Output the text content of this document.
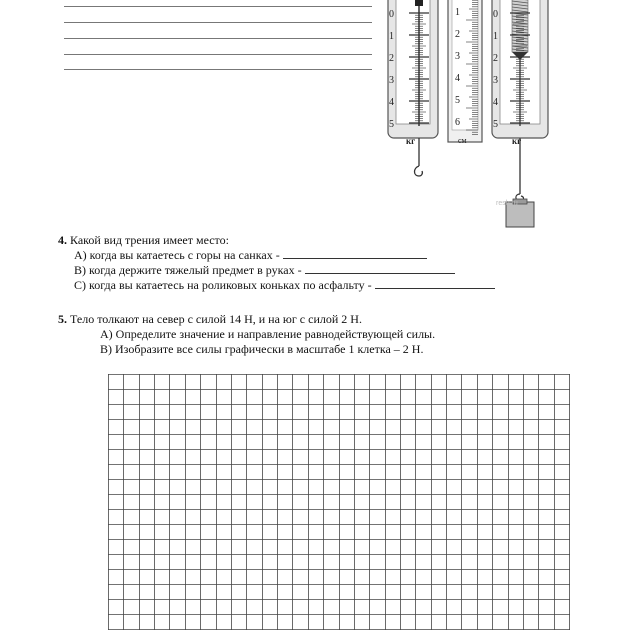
0
1
2
3
4
5
кг
1
2
3
4
5
6
см
0
1
2
3
4
5
кг
resh.ru
4. Какой вид трения имеет место:
А) когда вы катаетесь с горы на санках -
В) когда держите тяжелый предмет в руках -
С) когда вы катаетесь на роликовых коньках по асфальту -
5. Тело толкают на север с силой 14 Н, и на юг с силой 2 Н.
А) Определите значение и направление равнодействующей силы.
В) Изобразите все силы графически в масштабе 1 клетка – 2 Н.
